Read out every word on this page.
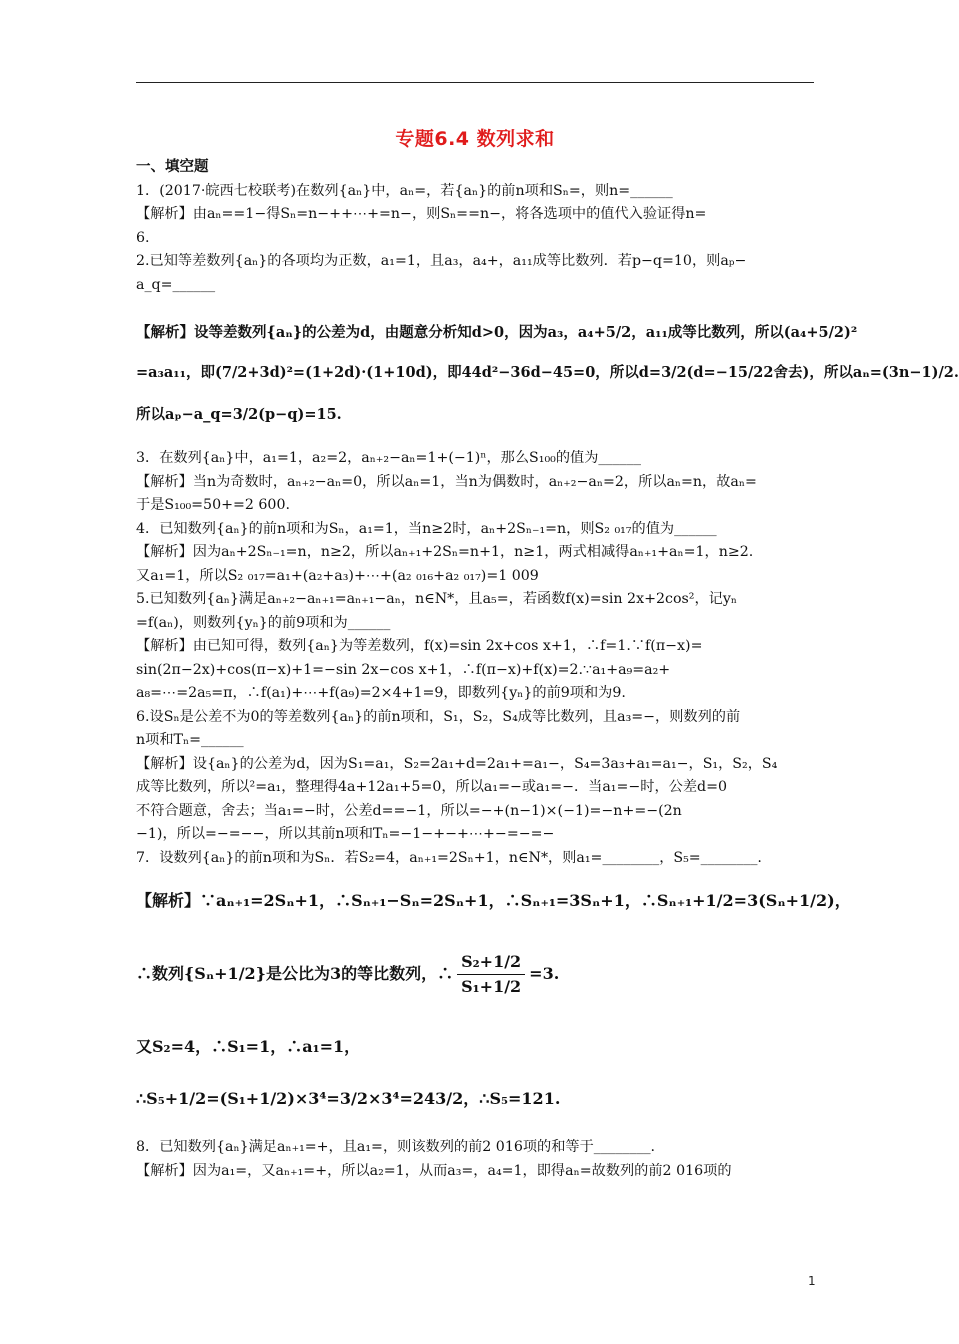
专题6.4 数列求和
一、填空题
1．(2017·皖西七校联考)在数列{aₙ}中，aₙ=，若{aₙ}的前n项和Sₙ=，则n=______
【解析】由aₙ==1−得Sₙ=n−++⋯+=n−，则Sₙ==n−，将各选项中的值代入验证得n=
6.
2.已知等差数列{aₙ}的各项均为正数，a₁=1，且a₃，a₄+，a₁₁成等比数列．若p−q=10，则aₚ−
a_q=______
【解析】设等差数列{aₙ}的公差为d，由题意分析知d>0，因为a₃，a₄+5/2，a₁₁成等比数列，所以(a₄+5/2)²
=a₃a₁₁，即(7/2+3d)²=(1+2d)·(1+10d)，即44d²−36d−45=0，所以d=3/2(d=−15/22舍去)，所以aₙ=(3n−1)/2.
所以aₚ−a_q=3/2(p−q)=15.
3．在数列{aₙ}中，a₁=1，a₂=2，aₙ₊₂−aₙ=1+(−1)ⁿ，那么S₁₀₀的值为______
【解析】当n为奇数时，aₙ₊₂−aₙ=0，所以aₙ=1，当n为偶数时，aₙ₊₂−aₙ=2，所以aₙ=n，故aₙ=
于是S₁₀₀=50+=2 600.
4．已知数列{aₙ}的前n项和为Sₙ，a₁=1，当n≥2时，aₙ+2Sₙ₋₁=n，则S₂ ₀₁₇的值为______
【解析】因为aₙ+2Sₙ₋₁=n，n≥2，所以aₙ₊₁+2Sₙ=n+1，n≥1，两式相减得aₙ₊₁+aₙ=1，n≥2.
又a₁=1，所以S₂ ₀₁₇=a₁+(a₂+a₃)+⋯+(a₂ ₀₁₆+a₂ ₀₁₇)=1 009
5.已知数列{aₙ}满足aₙ₊₂−aₙ₊₁=aₙ₊₁−aₙ，n∈N*，且a₅=，若函数f(x)=sin 2x+2cos²，记yₙ
=f(aₙ)，则数列{yₙ}的前9项和为______
【解析】由已知可得，数列{aₙ}为等差数列，f(x)=sin 2x+cos x+1，∴f=1.∵f(π−x)=
sin(2π−2x)+cos(π−x)+1=−sin 2x−cos x+1，∴f(π−x)+f(x)=2.∵a₁+a₉=a₂+
a₈=⋯=2a₅=π，∴f(a₁)+⋯+f(a₉)=2×4+1=9，即数列{yₙ}的前9项和为9.
6.设Sₙ是公差不为0的等差数列{aₙ}的前n项和，S₁，S₂，S₄成等比数列，且a₃=−，则数列的前
n项和Tₙ=______
【解析】设{aₙ}的公差为d，因为S₁=a₁，S₂=2a₁+d=2a₁+=a₁−，S₄=3a₃+a₁=a₁−，S₁，S₂，S₄
成等比数列，所以²=a₁，整理得4a+12a₁+5=0，所以a₁=−或a₁=−．当a₁=−时，公差d=0
不符合题意，舍去；当a₁=−时，公差d==−1，所以=−+(n−1)×(−1)=−n+=−(2n
−1)，所以=−=−−，所以其前n项和Tₙ=−1−+−+⋯+−=−=−
7．设数列{aₙ}的前n项和为Sₙ．若S₂=4，aₙ₊₁=2Sₙ+1，n∈N*，则a₁=________，S₅=________.
【解析】∵aₙ₊₁=2Sₙ+1，∴Sₙ₊₁−Sₙ=2Sₙ+1，∴Sₙ₊₁=3Sₙ+1，∴Sₙ₊₁+1/2=3(Sₙ+1/2)，
∴数列{Sₙ+1/2}是公比为3的等比数列，∴ $\frac{\text{S₂+1/2}}{\text{S₁+1/2}} =3$.
又S₂=4，∴S₁=1，∴a₁=1，
∴S₅+1/2=(S₁+1/2)×3⁴=3/2×3⁴=243/2，∴S₅=121.
8．已知数列{aₙ}满足aₙ₊₁=+，且a₁=，则该数列的前2 016项的和等于________.
【解析】因为a₁=，又aₙ₊₁=+，所以a₂=1，从而a₃=，a₄=1，即得aₙ=故数列的前2 016项的
1
